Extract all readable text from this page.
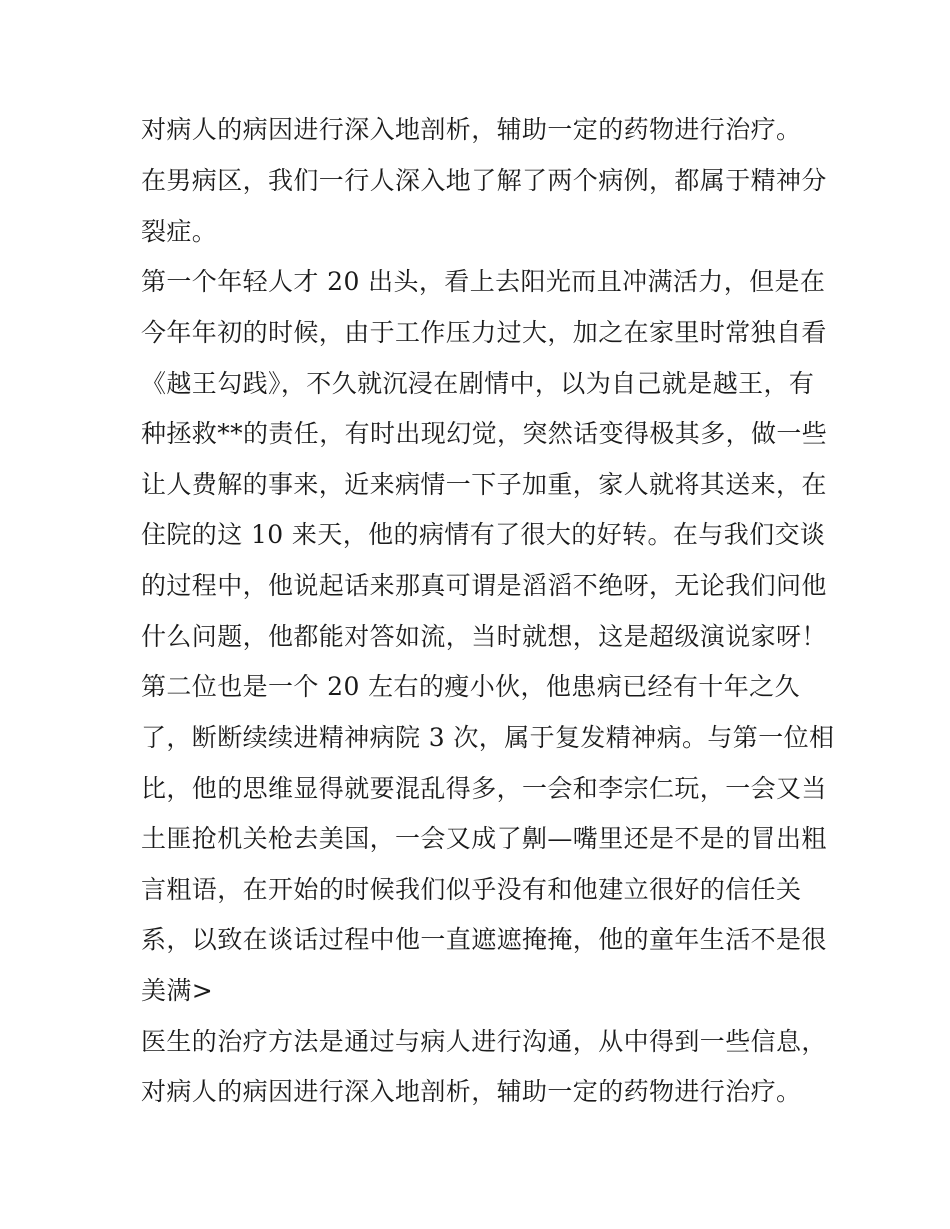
对病人的病因进行深入地剖析，辅助一定的药物进行治疗。
在男病区，我们一行人深入地了解了两个病例，都属于精神分
裂症。
第一个年轻人才 20 出头，看上去阳光而且冲满活力，但是在
今年年初的时候，由于工作压力过大，加之在家里时常独自看
《越王勾践》，不久就沉浸在剧情中，以为自己就是越王，有
种拯救**的责任，有时出现幻觉，突然话变得极其多，做一些
让人费解的事来，近来病情一下子加重，家人就将其送来，在
住院的这 10 来天，他的病情有了很大的好转。在与我们交谈
的过程中，他说起话来那真可谓是滔滔不绝呀，无论我们问他
什么问题，他都能对答如流，当时就想，这是超级演说家呀！
第二位也是一个 20 左右的瘦小伙，他患病已经有十年之久
了，断断续续进精神病院 3 次，属于复发精神病。与第一位相
比，他的思维显得就要混乱得多，一会和李宗仁玩，一会又当
土匪抢机关枪去美国，一会又成了劓—嘴里还是不是的冒出粗
言粗语，在开始的时候我们似乎没有和他建立很好的信任关
系，以致在谈话过程中他一直遮遮掩掩，他的童年生活不是很
美满>
医生的治疗方法是通过与病人进行沟通，从中得到一些信息，
对病人的病因进行深入地剖析，辅助一定的药物进行治疗。
